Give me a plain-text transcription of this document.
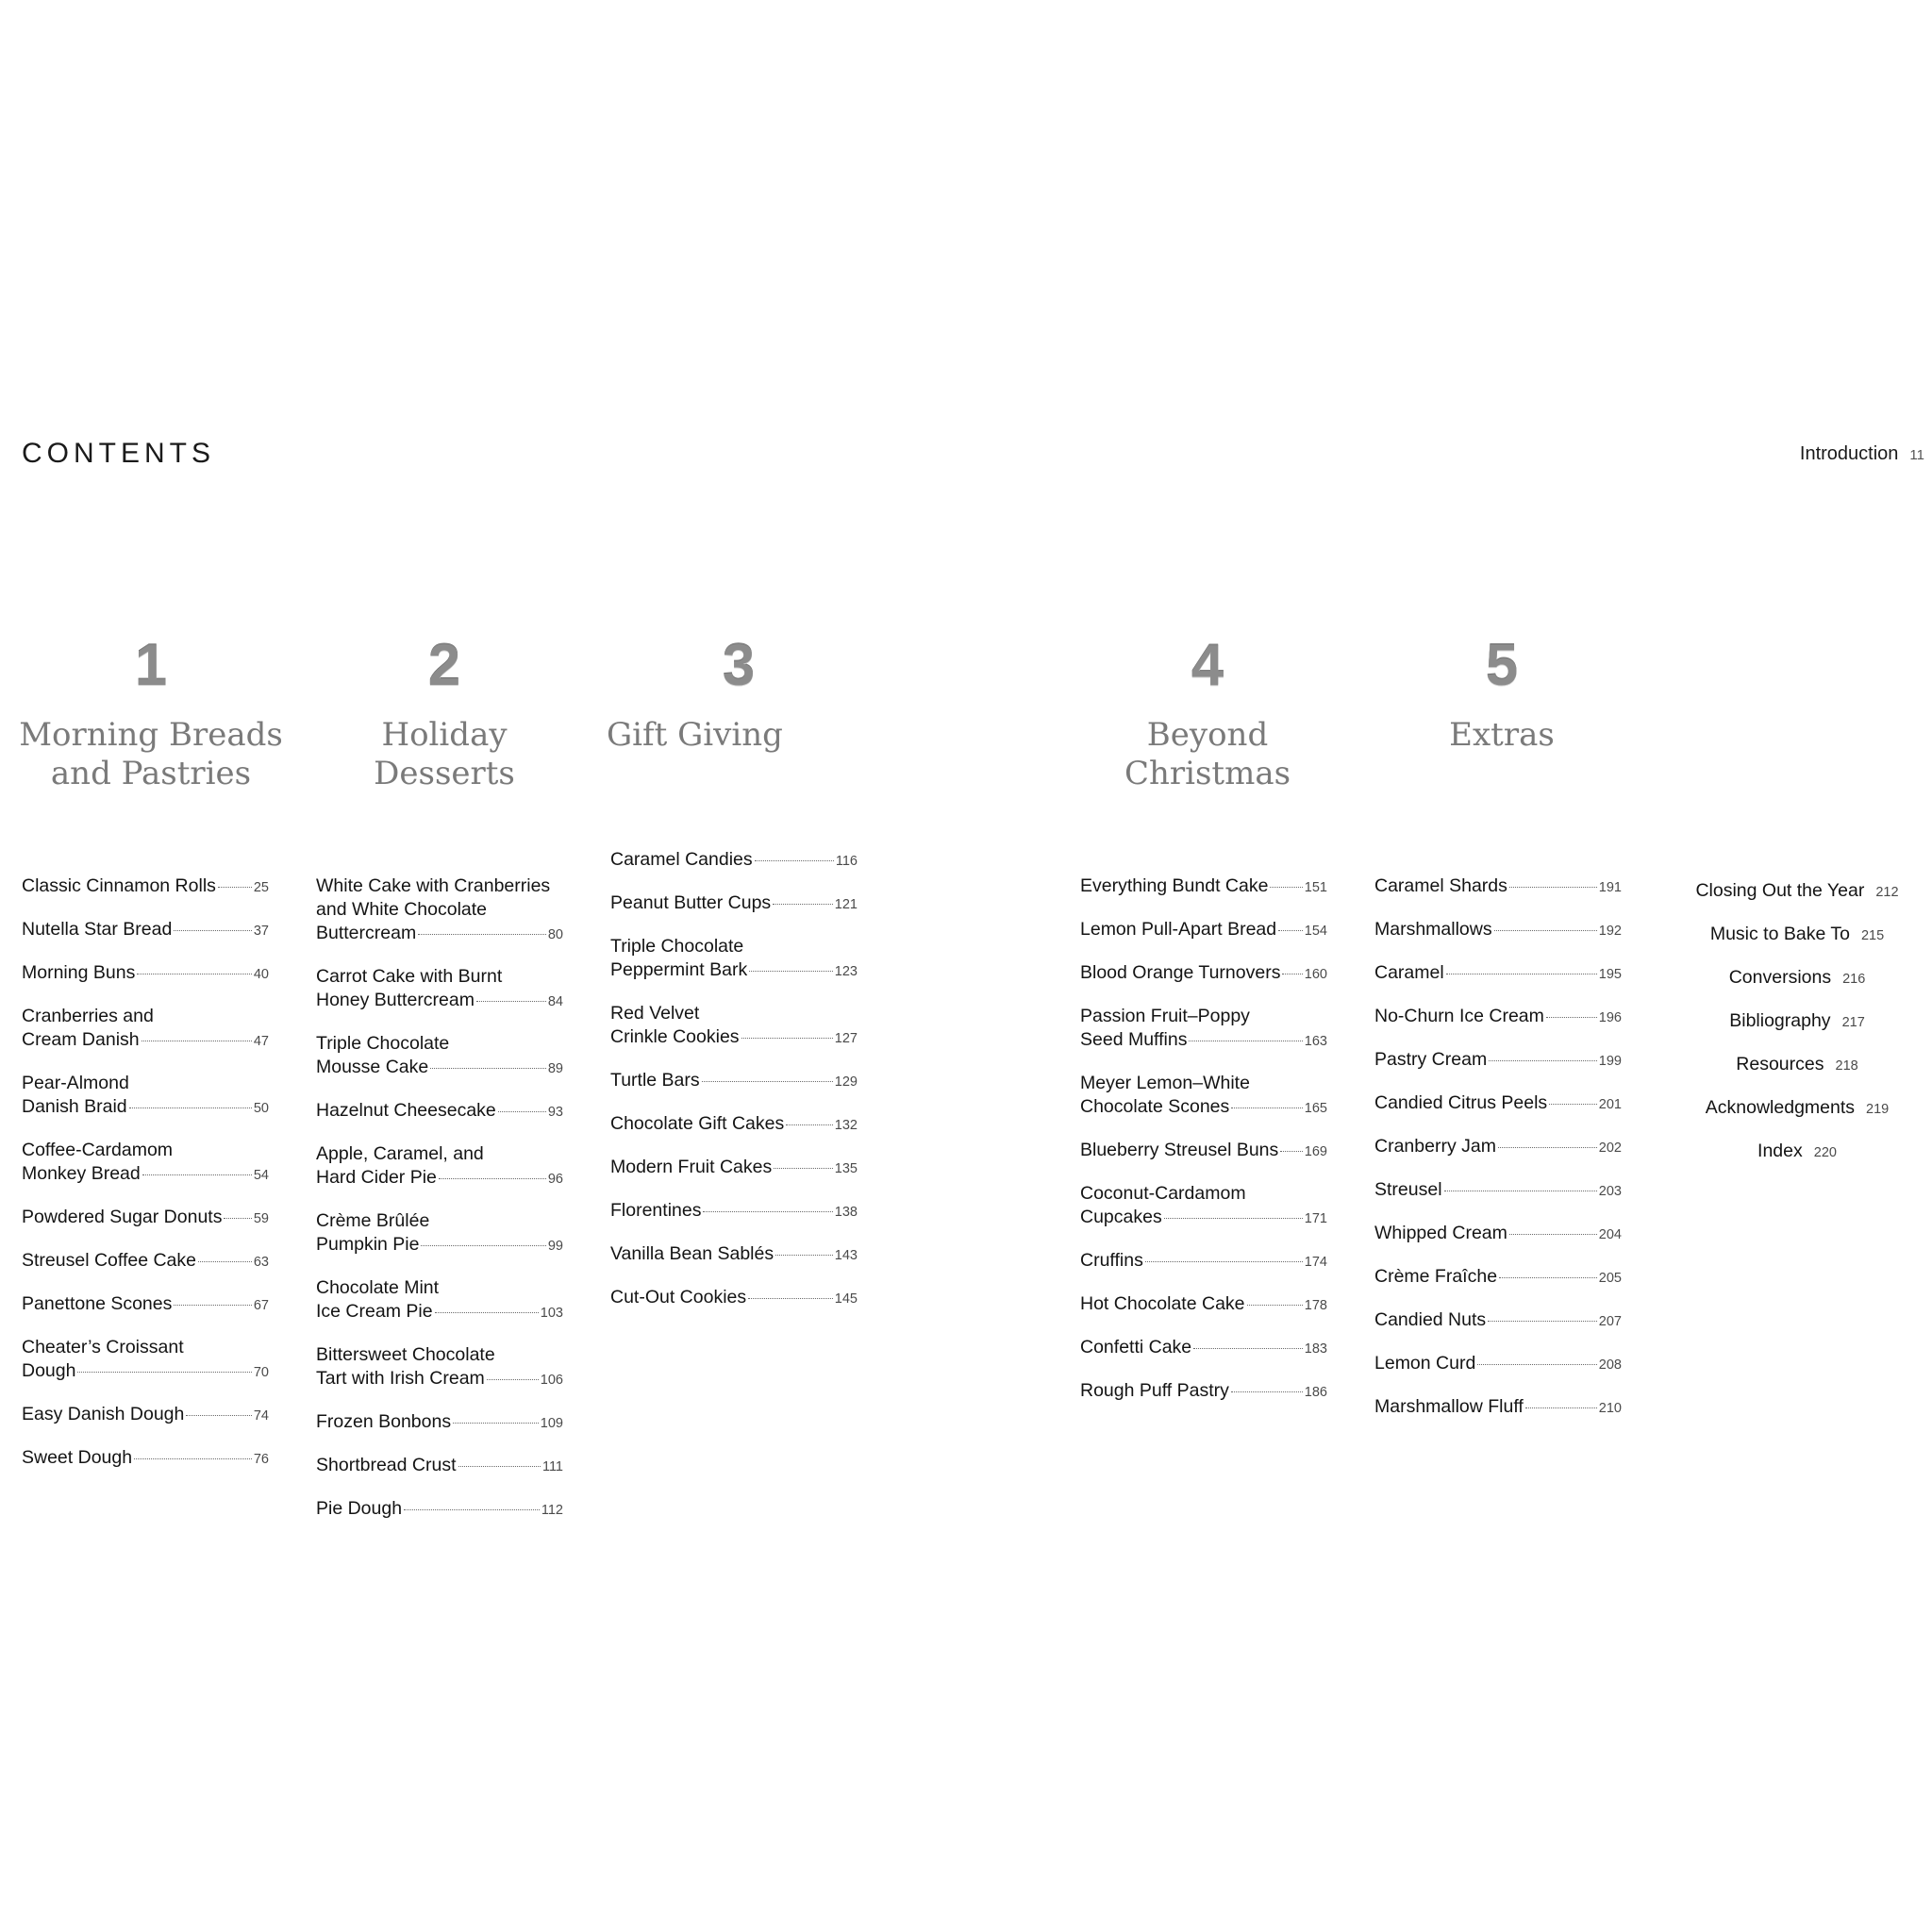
CONTENTS	Introduction 11
1
Morning Breads
and Pastries
2
Holiday
Desserts
3
Gift Giving
4
Beyond
Christmas
5
Extras
Classic Cinnamon Rolls	25
Nutella Star Bread	37
Morning Buns	40
Cranberries and
Cream Danish	47
Pear-Almond
Danish Braid	50
Coffee-Cardamom
Monkey Bread	54
Powdered Sugar Donuts 59
Streusel Coffee Cake	63
Panettone Scones	67
Cheater’s Croissant
Dough	70
Easy Danish Dough	74
Sweet Dough	76
White Cake with Cranberries
and White Chocolate
Buttercream	80
Carrot Cake with Burnt
Honey Buttercream	84
Triple Chocolate
Mousse Cake	89
Hazelnut Cheesecake	93
Apple, Caramel, and
Hard Cider Pie	96
Crème Brûlée
Pumpkin Pie	99
Chocolate Mint
Ice Cream Pie	103
Bittersweet Chocolate
Tart with Irish Cream	106
Frozen Bonbons	109
Shortbread Crust	111
Pie Dough	112
Caramel Candies	116
Peanut Butter Cups	121
Triple Chocolate
Peppermint Bark	123
Red Velvet
Crinkle Cookies	127
Turtle Bars	129
Chocolate Gift Cakes	132
Modern Fruit Cakes	135
Florentines	138
Vanilla Bean Sablés	143
Cut-Out Cookies	145
Everything Bundt Cake	151
Lemon Pull-Apart Bread 154
Blood Orange Turnovers 160
Passion Fruit–Poppy
Seed Muffins	163
Meyer Lemon–White
Chocolate Scones	165
Blueberry Streusel Buns 169
Coconut-Cardamom
Cupcakes	171
Cruffins	174
Hot Chocolate Cake	178
Confetti Cake	183
Rough Puff Pastry	186
Caramel Shards	191
Marshmallows	192
Caramel	195
No-Churn Ice Cream	196
Pastry Cream	199
Candied Citrus Peels	201
Cranberry Jam	202
Streusel	203
Whipped Cream	204
Crème Fraîche	205
Candied Nuts	207
Lemon Curd	208
Marshmallow Fluff	210
Closing Out the Year 212
Music to Bake To 215
Conversions 216
Bibliography 217
Resources 218
Acknowledgments 219
Index 220
